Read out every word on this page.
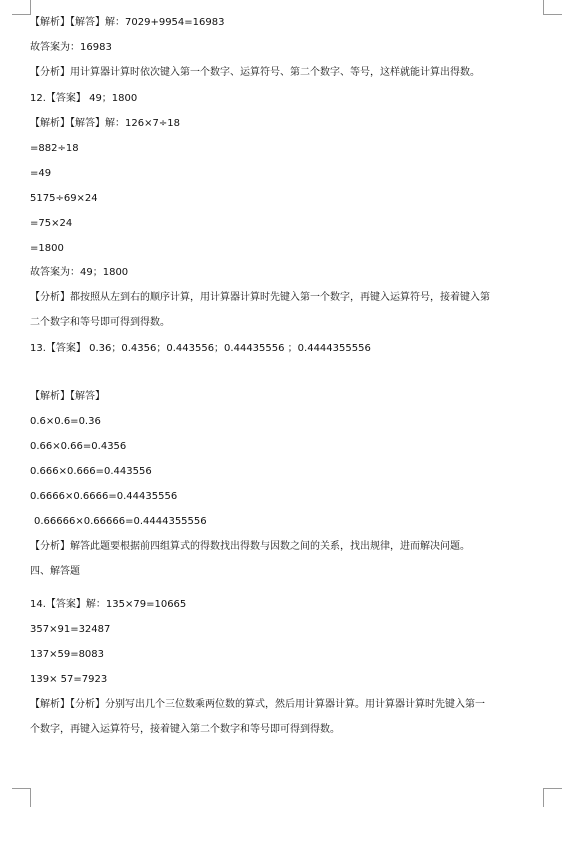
【解析】【解答】解：7029+9954=16983
故答案为：16983
【分析】用计算器计算时依次键入第一个数字、运算符号、第二个数字、等号，这样就能计算出得数。
12.【答案】 49；1800
【解析】【解答】解：126×7÷18
=882÷18
=49
5175÷69×24
=75×24
=1800
故答案为：49；1800
【分析】都按照从左到右的顺序计算，用计算器计算时先键入第一个数字，再键入运算符号，接着键入第
二个数字和等号即可得到得数。
13.【答案】 0.36；0.4356；0.443556；0.44435556 ；0.4444355556
【解析】【解答】
0.6×0.6=0.36
0.66×0.66=0.4356
0.666×0.666=0.443556
0.6666×0.6666=0.44435556
0.66666×0.66666=0.4444355556
【分析】解答此题要根据前四组算式的得数找出得数与因数之间的关系，找出规律，进而解决问题。
四、解答题
14.【答案】解：135×79=10665
357×91=32487
137×59=8083
139× 57=7923
【解析】【分析】分别写出几个三位数乘两位数的算式，然后用计算器计算。用计算器计算时先键入第一
个数字，再键入运算符号，接着键入第二个数字和等号即可得到得数。
